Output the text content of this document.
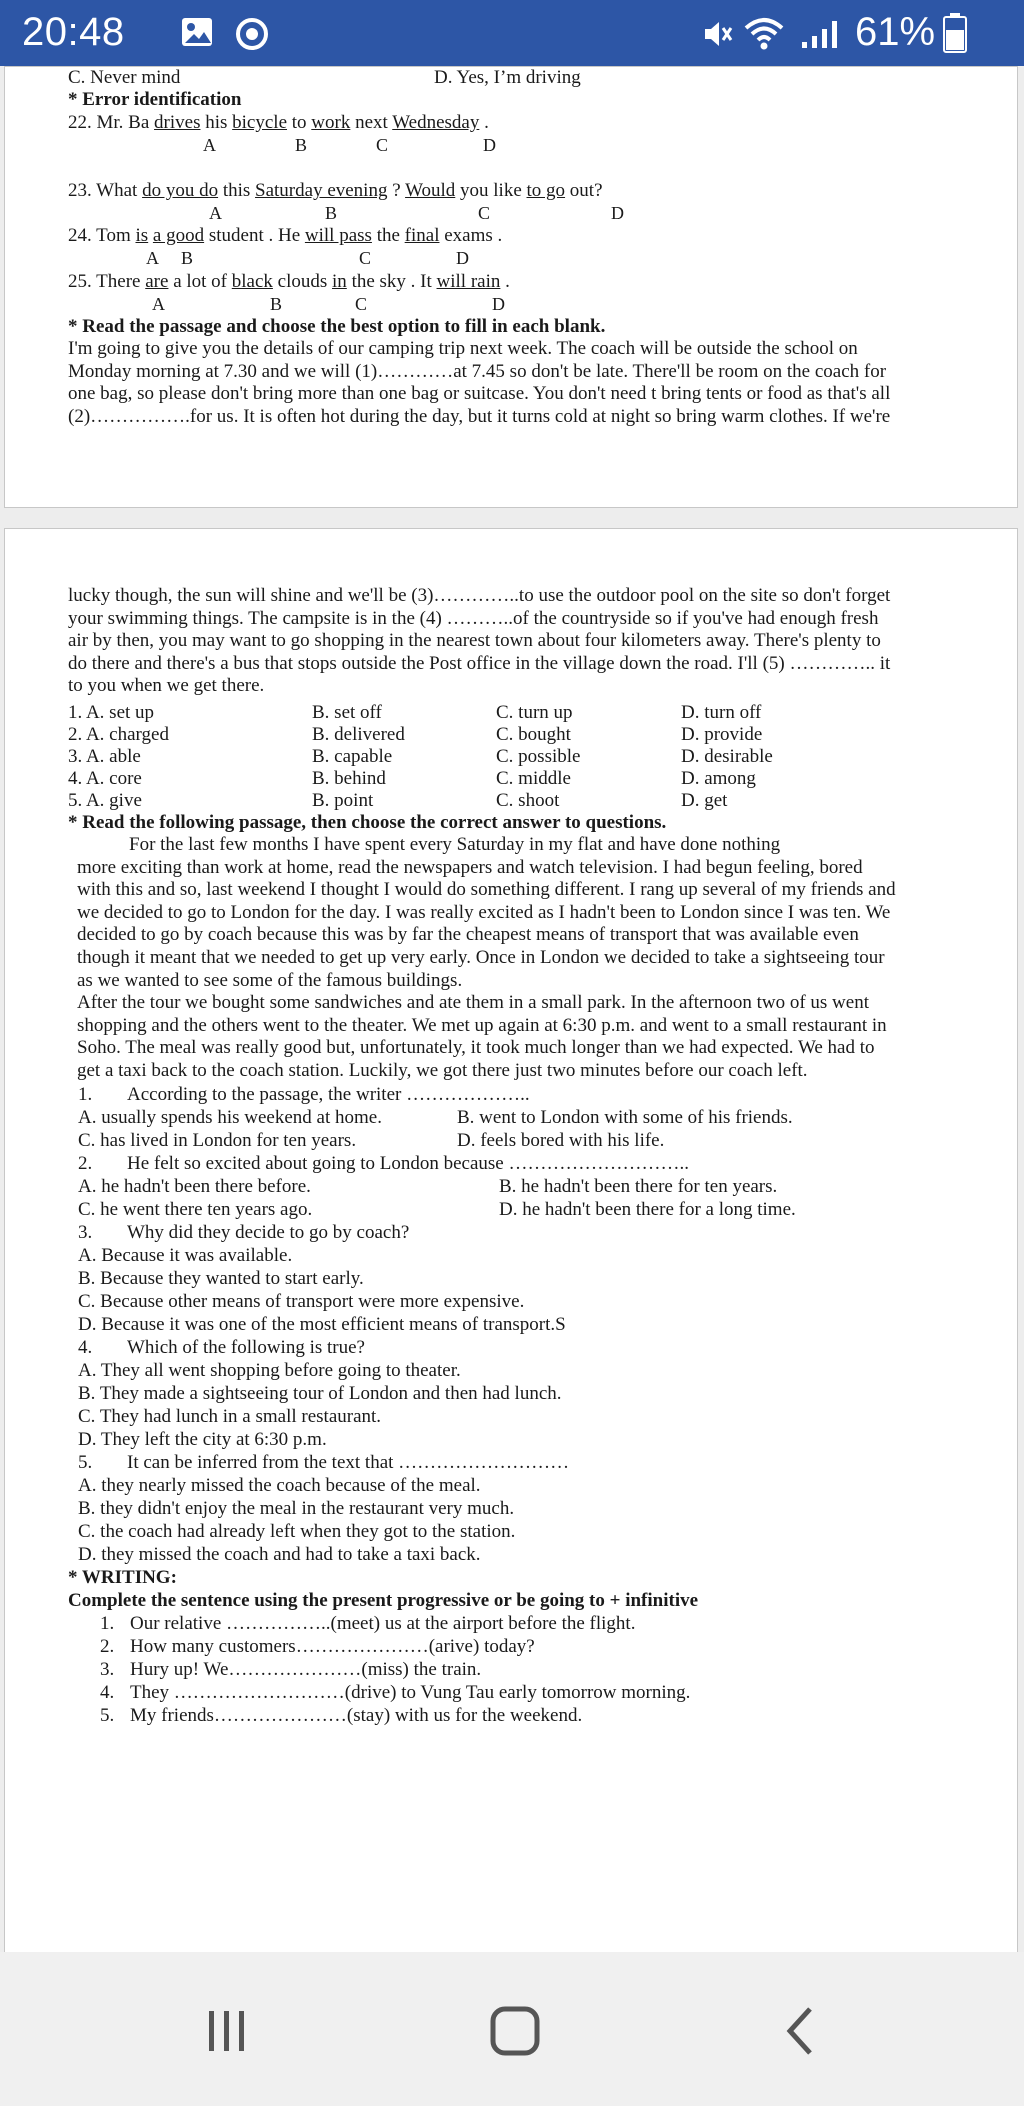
20:48	61%
C. Never mind	D. Yes, I’m driving
* Error identification
22. Mr. Ba drives his bicycle to work next Wednesday .
A	B	C	D
23. What do you do this Saturday evening ? Would you like to go out?
A	B	C	D
24. Tom is a good student . He will pass the final exams .
A B	C	D
25. There are a lot of black clouds in the sky . It will rain .
A	B	C	D
* Read the passage and choose the best option to fill in each blank.
I'm going to give you the details of our camping trip next week. The coach will be outside the school on
Monday morning at 7.30 and we will (1)…………at 7.45 so don't be late. There'll be room on the coach for
one bag, so please don't bring more than one bag or suitcase. You don't need t bring tents or food as that's all
(2)…………….for us. It is often hot during the day, but it turns cold at night so bring warm clothes. If we're
lucky though, the sun will shine and we'll be (3)…………..to use the outdoor pool on the site so don't forget
your swimming things. The campsite is in the (4) ………..of the countryside so if you've had enough fresh
air by then, you may want to go shopping in the nearest town about four kilometers away. There's plenty to
do there and there's a bus that stops outside the Post office in the village down the road. I'll (5) ………….. it
to you when we get there.
1. A. set up	B. set off	C. turn up	D. turn off
2. A. charged	B. delivered	C. bought	D. provide
3. A. able	B. capable	C. possible	D. desirable
4. A. core	B. behind	C. middle	D. among
5. A. give	B. point	C. shoot	D. get
* Read the following passage, then choose the correct answer to questions.
For the last few months I have spent every Saturday in my flat and have done nothing
more exciting than work at home, read the newspapers and watch television. I had begun feeling, bored
with this and so, last weekend I thought I would do something different. I rang up several of my friends and
we decided to go to London for the day. I was really excited as I hadn't been to London since I was ten. We
decided to go by coach because this was by far the cheapest means of transport that was available even
though it meant that we needed to get up very early. Once in London we decided to take a sightseeing tour
as we wanted to see some of the famous buildings.
After the tour we bought some sandwiches and ate them in a small park. In the afternoon two of us went
shopping and the others went to the theater. We met up again at 6:30 p.m. and went to a small restaurant in
Soho. The meal was really good but, unfortunately, it took much longer than we had expected. We had to
get a taxi back to the coach station. Luckily, we got there just two minutes before our coach left.
1. According to the passage, the writer ………………..
A. usually spends his weekend at home.	B. went to London with some of his friends.
C. has lived in London for ten years.	D. feels bored with his life.
2. He felt so excited about going to London because ………………………..
A. he hadn't been there before.	B. he hadn't been there for ten years.
C. he went there ten years ago.	D. he hadn't been there for a long time.
3. Why did they decide to go by coach?
A. Because it was available.
B. Because they wanted to start early.
C. Because other means of transport were more expensive.
D. Because it was one of the most efficient means of transport.S
4. Which of the following is true?
A. They all went shopping before going to theater.
B. They made a sightseeing tour of London and then had lunch.
C. They had lunch in a small restaurant.
D. They left the city at 6:30 p.m.
5. It can be inferred from the text that ………………………
A. they nearly missed the coach because of the meal.
B. they didn't enjoy the meal in the restaurant very much.
C. the coach had already left when they got to the station.
D. they missed the coach and had to take a taxi back.
* WRITING:
Complete the sentence using the present progressive or be going to + infinitive
1. Our relative ……………..(meet) us at the airport before the flight.
2. How many customers…………………(arive) today?
3. Hury up! We…………………(miss) the train.
4. They ………………………(drive) to Vung Tau early tomorrow morning.
5. My friends…………………(stay) with us for the weekend.
